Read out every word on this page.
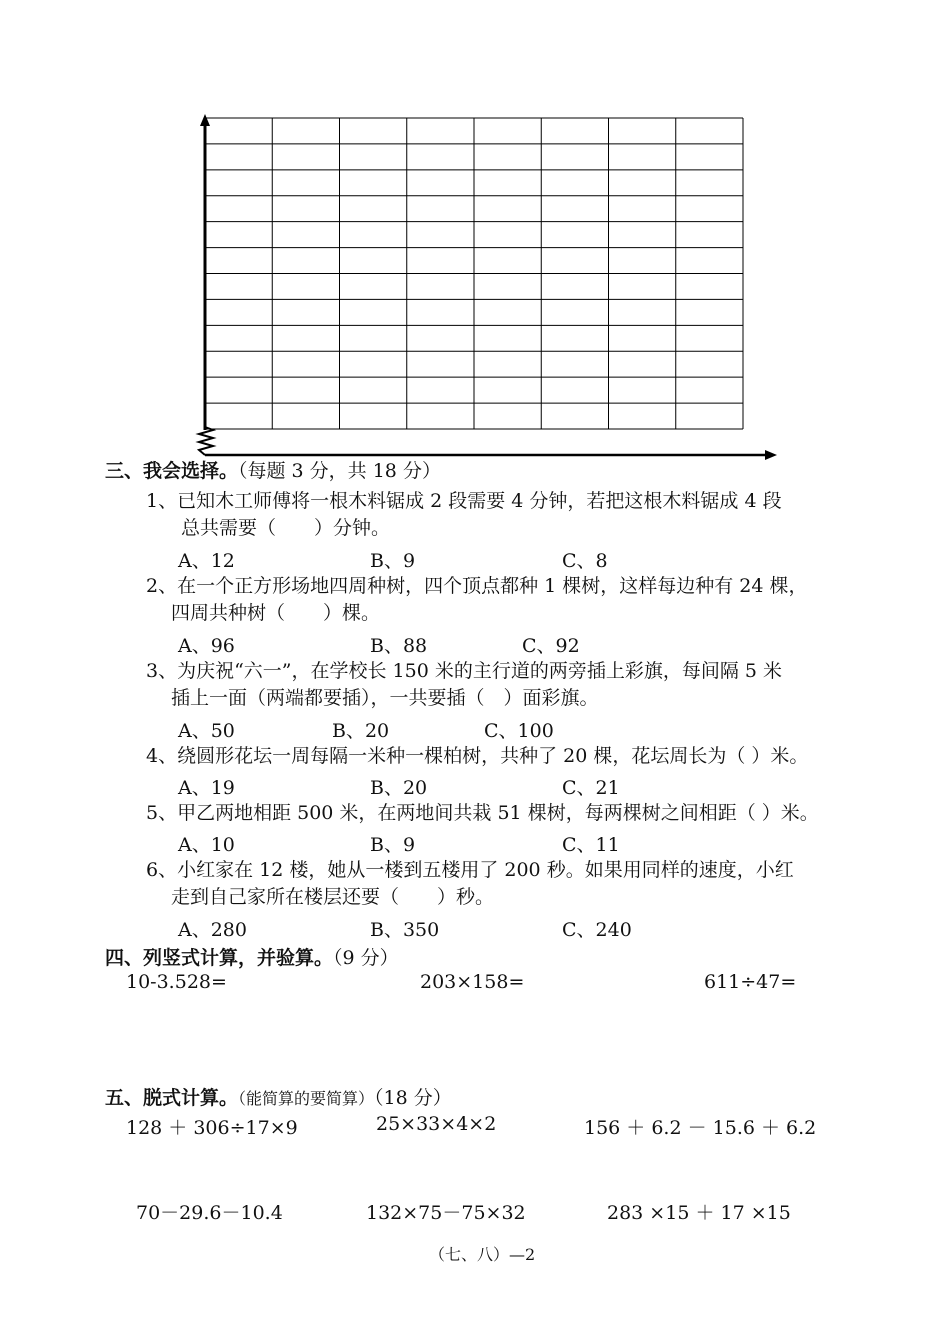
三、我会选择。（每题 3 分，共 18 分）
1、已知木工师傅将一根木料锯成 2 段需要 4 分钟，若把这根木料锯成 4 段
总共需要（　　）分钟。
A、12	B、9	C、8
2、在一个正方形场地四周种树，四个顶点都种 1 棵树，这样每边种有 24 棵，
四周共种树（　　）棵。
A、96	B、88	C、92
3、为庆祝“六一”，在学校长 150 米的主行道的两旁插上彩旗，每间隔 5 米
插上一面（两端都要插），一共要插（　）面彩旗。
A、50	B、20	C、100
4、绕圆形花坛一周每隔一米种一棵柏树，共种了 20 棵，花坛周长为（ ）米。
A、19	B、20	C、21
5、甲乙两地相距 500 米，在两地间共栽 51 棵树，每两棵树之间相距（ ）米。
A、10	B、9	C、11
6、小红家在 12 楼，她从一楼到五楼用了 200 秒。如果用同样的速度，小红
走到自己家所在楼层还要（　　）秒。
A、280	B、350	C、240
四、列竖式计算，并验算。（9 分）
10-3.528=	203×158=	611÷47=
五、脱式计算。（能简算的要简算）（18 分）
128 ＋ 306÷17×9	25×33×4×2	156 ＋ 6.2 － 15.6 ＋ 6.2
70－29.6－10.4	132×75－75×32	283 ×15 ＋ 17 ×15
（七、八）—2
